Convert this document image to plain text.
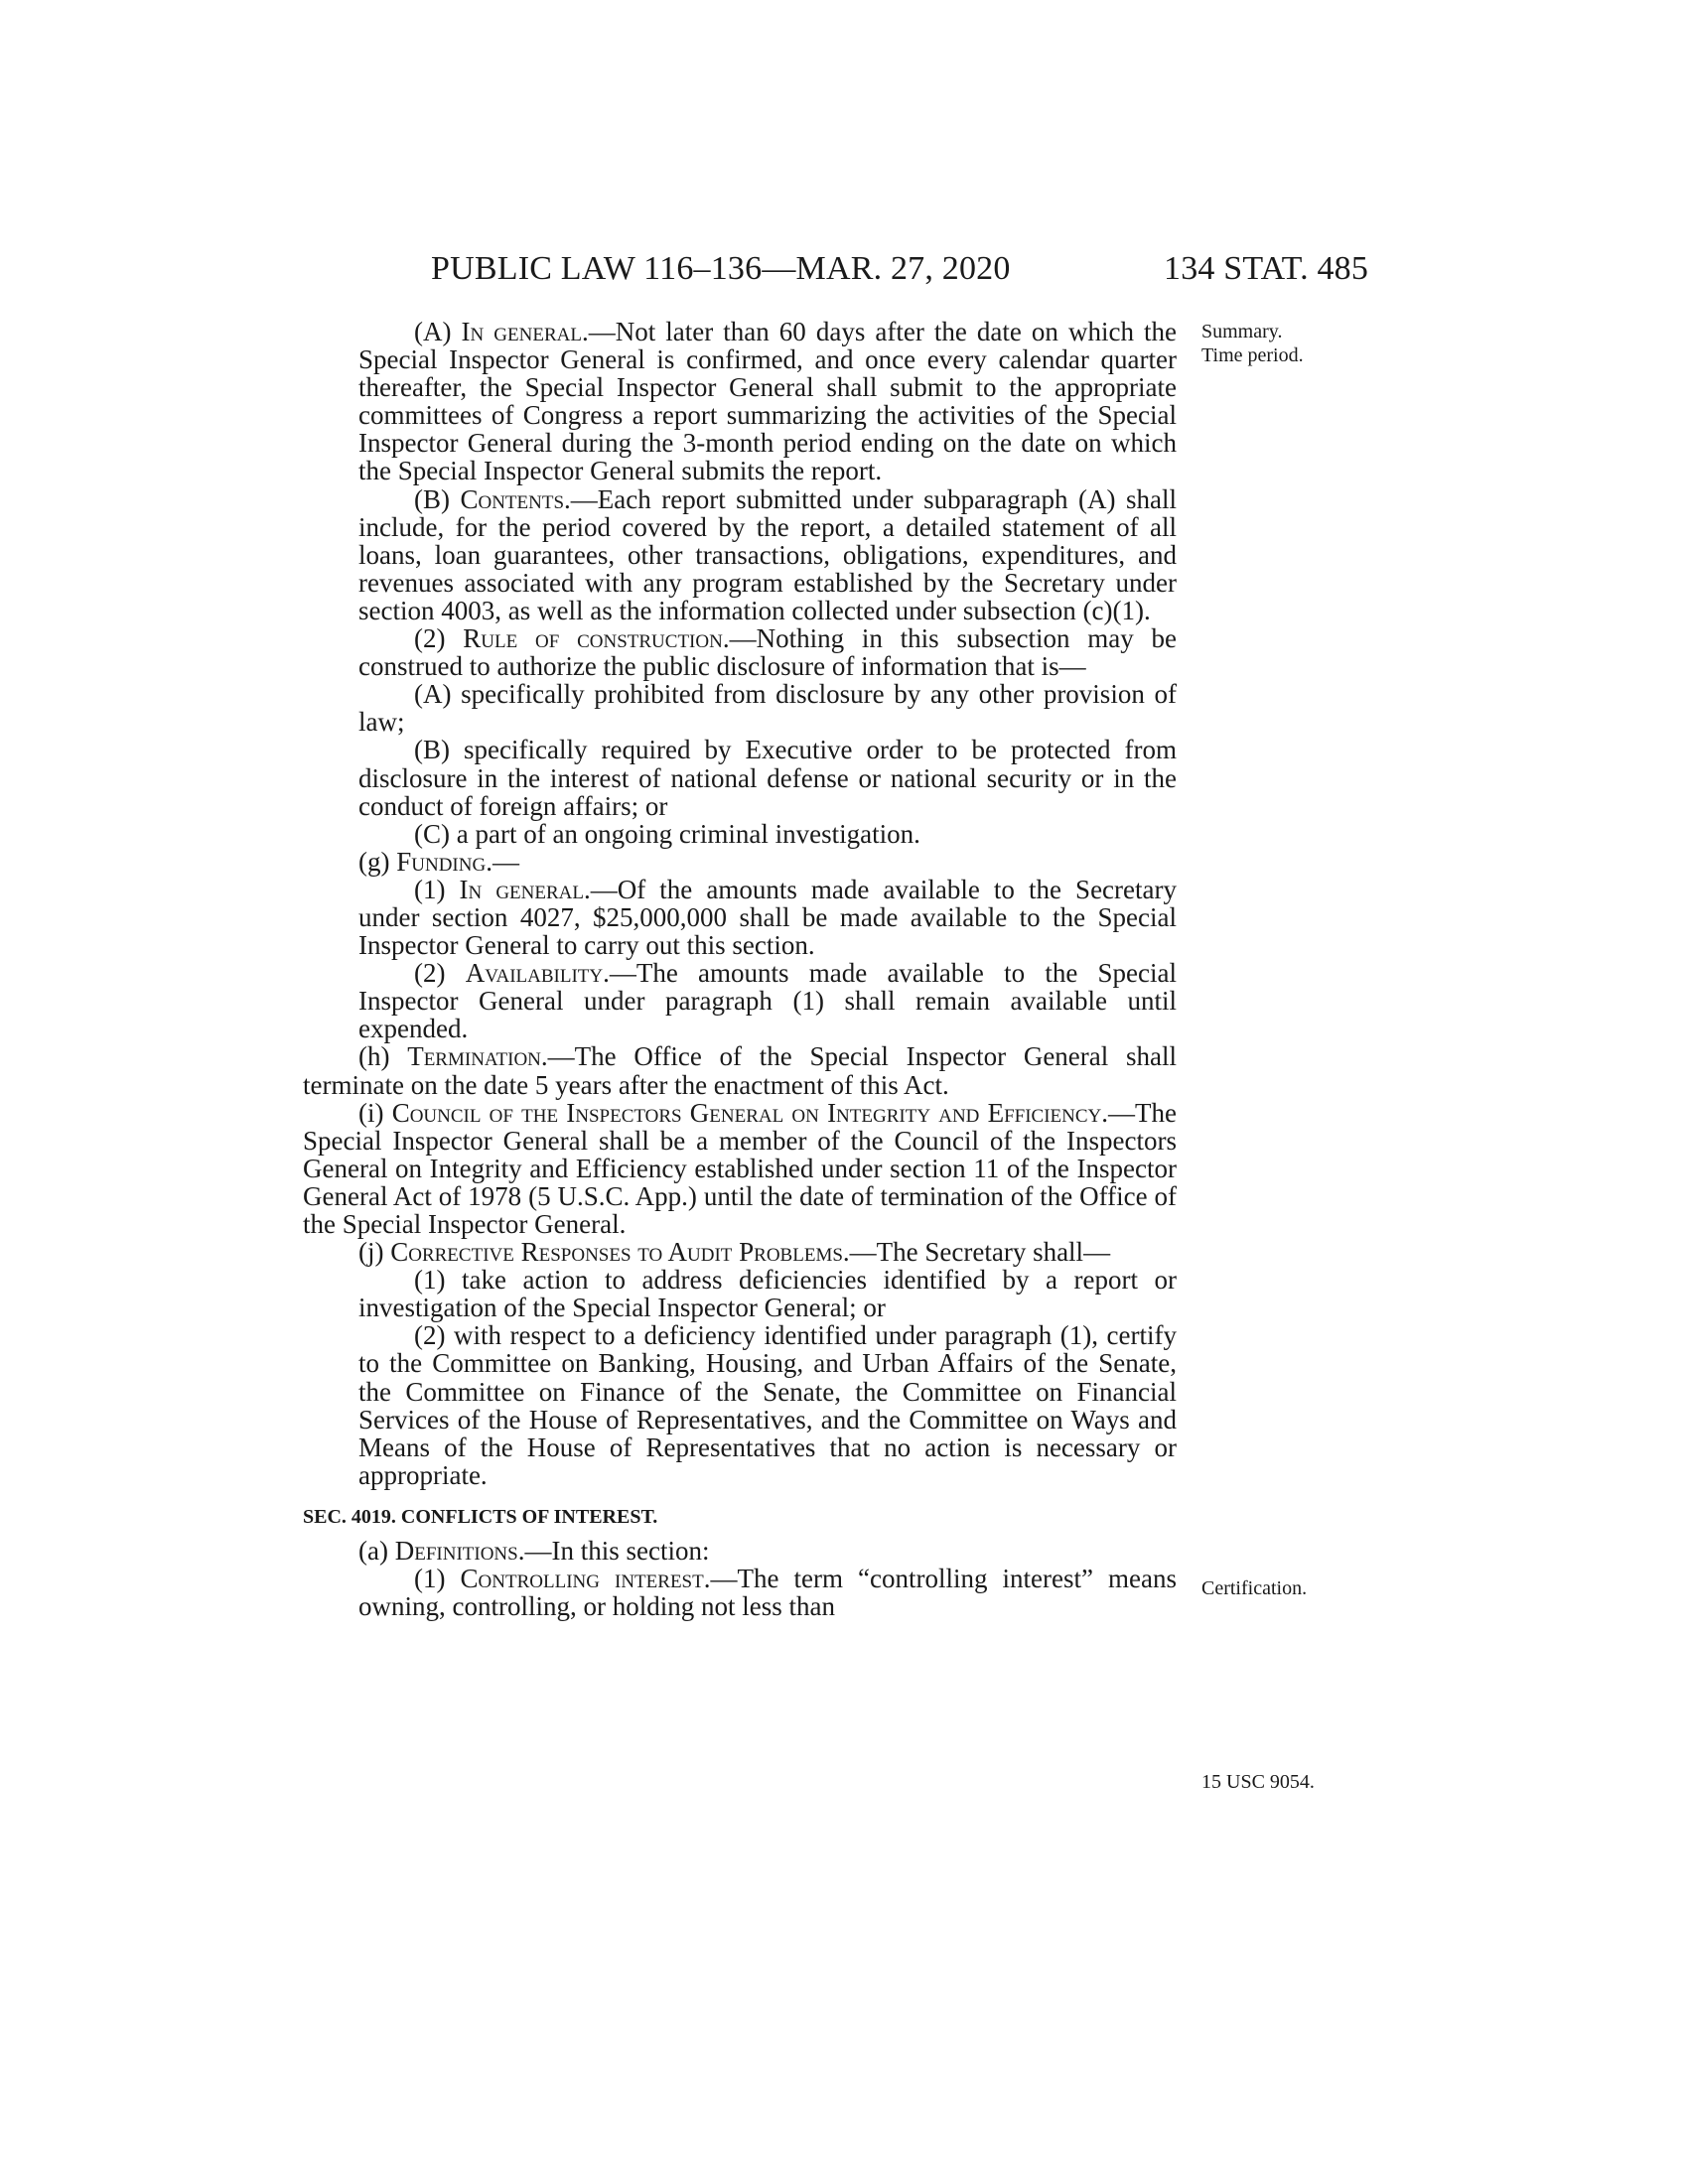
PUBLIC LAW 116–136—MAR. 27, 2020	134 STAT. 485
Summary.
Time period.
Certification.
15 USC 9054.

(A) In general.—Not later than 60 days after the date on which the Special Inspector General is confirmed, and once every calendar quarter thereafter, the Special Inspector General shall submit to the appropriate committees of Congress a report summarizing the activities of the Special Inspector General during the 3-month period ending on the date on which the Special Inspector General submits the report.

(B) Contents.—Each report submitted under subparagraph (A) shall include, for the period covered by the report, a detailed statement of all loans, loan guarantees, other transactions, obligations, expenditures, and revenues associated with any program established by the Secretary under section 4003, as well as the information collected under subsection (c)(1).

(2) Rule of construction.—Nothing in this subsection may be construed to authorize the public disclosure of information that is—

(A) specifically prohibited from disclosure by any other provision of law;

(B) specifically required by Executive order to be protected from disclosure in the interest of national defense or national security or in the conduct of foreign affairs; or

(C) a part of an ongoing criminal investigation.

(g) Funding.—

(1) In general.—Of the amounts made available to the Secretary under section 4027, $25,000,000 shall be made available to the Special Inspector General to carry out this section.

(2) Availability.—The amounts made available to the Special Inspector General under paragraph (1) shall remain available until expended.

(h) Termination.—The Office of the Special Inspector General shall terminate on the date 5 years after the enactment of this Act.

(i) Council of the Inspectors General on Integrity and Efficiency.—The Special Inspector General shall be a member of the Council of the Inspectors General on Integrity and Efficiency established under section 11 of the Inspector General Act of 1978 (5 U.S.C. App.) until the date of termination of the Office of the Special Inspector General.

(j) Corrective Responses to Audit Problems.—The Secretary shall—

(1) take action to address deficiencies identified by a report or investigation of the Special Inspector General; or

(2) with respect to a deficiency identified under paragraph (1), certify to the Committee on Banking, Housing, and Urban Affairs of the Senate, the Committee on Finance of the Senate, the Committee on Financial Services of the House of Representatives, and the Committee on Ways and Means of the House of Representatives that no action is necessary or appropriate.

SEC. 4019. CONFLICTS OF INTEREST.

(a) Definitions.—In this section:

(1) Controlling interest.—The term “controlling interest” means owning, controlling, or holding not less than
